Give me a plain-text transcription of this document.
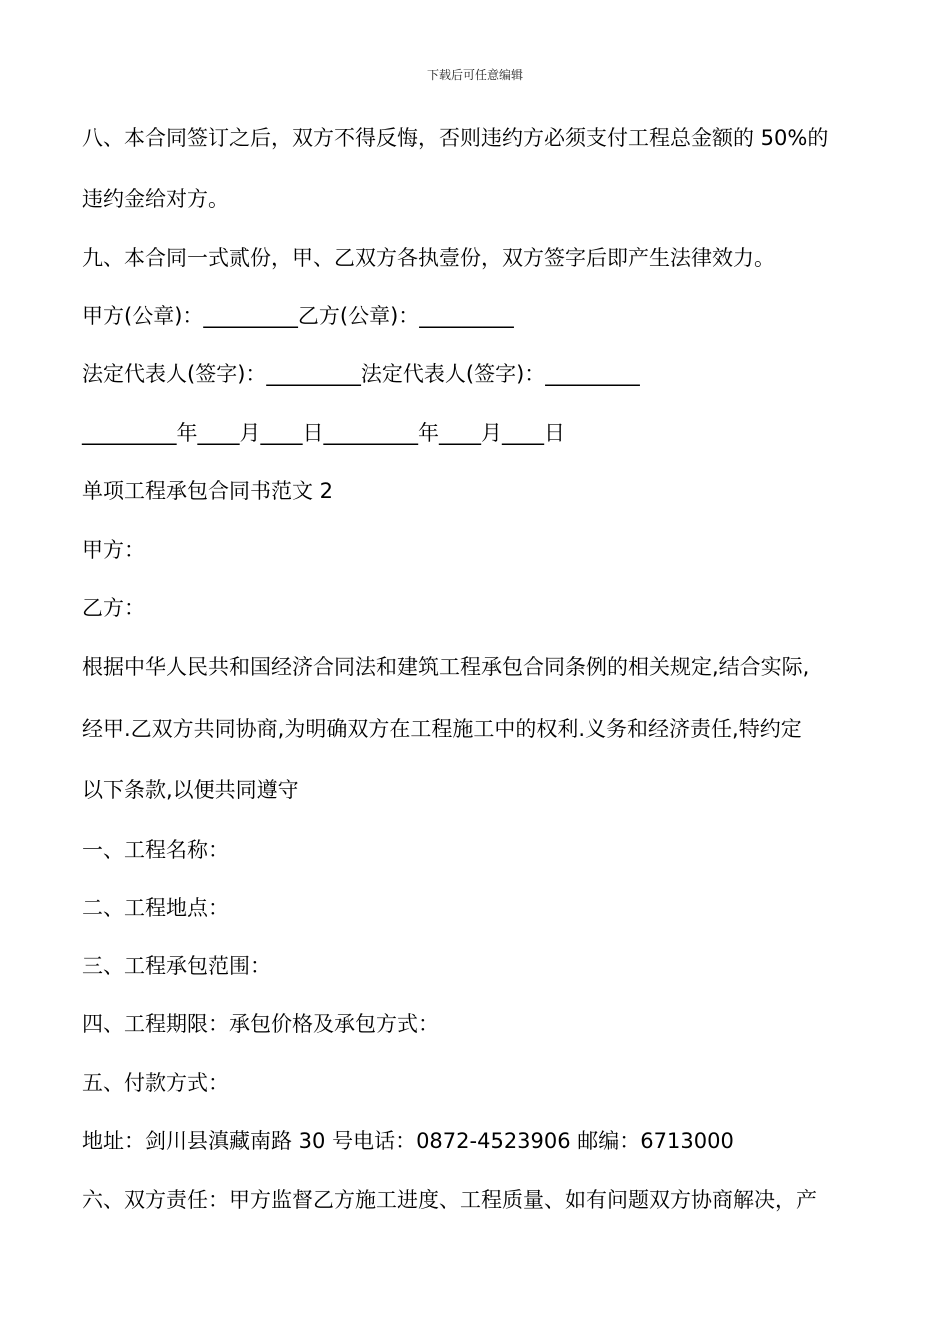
下载后可任意编辑
八、本合同签订之后，双方不得反悔，否则违约方必须支付工程总金额的 50%的
违约金给对方。
九、本合同一式贰份，甲、乙双方各执壹份，双方签字后即产生法律效力。
甲方(公章)：_________乙方(公章)：_________
法定代表人(签字)：_________法定代表人(签字)：_________
_________年____月____日_________年____月____日
单项工程承包合同书范文 2
甲方：
乙方：
根据中华人民共和国经济合同法和建筑工程承包合同条例的相关规定,结合实际,
经甲.乙双方共同协商,为明确双方在工程施工中的权利.义务和经济责任,特约定
以下条款,以便共同遵守
一、工程名称：
二、工程地点：
三、工程承包范围：
四、工程期限：承包价格及承包方式：
五、付款方式：
地址：剑川县滇藏南路 30 号电话：0872-4523906 邮编：6713000
六、双方责任：甲方监督乙方施工进度、工程质量、如有问题双方协商解决，产
